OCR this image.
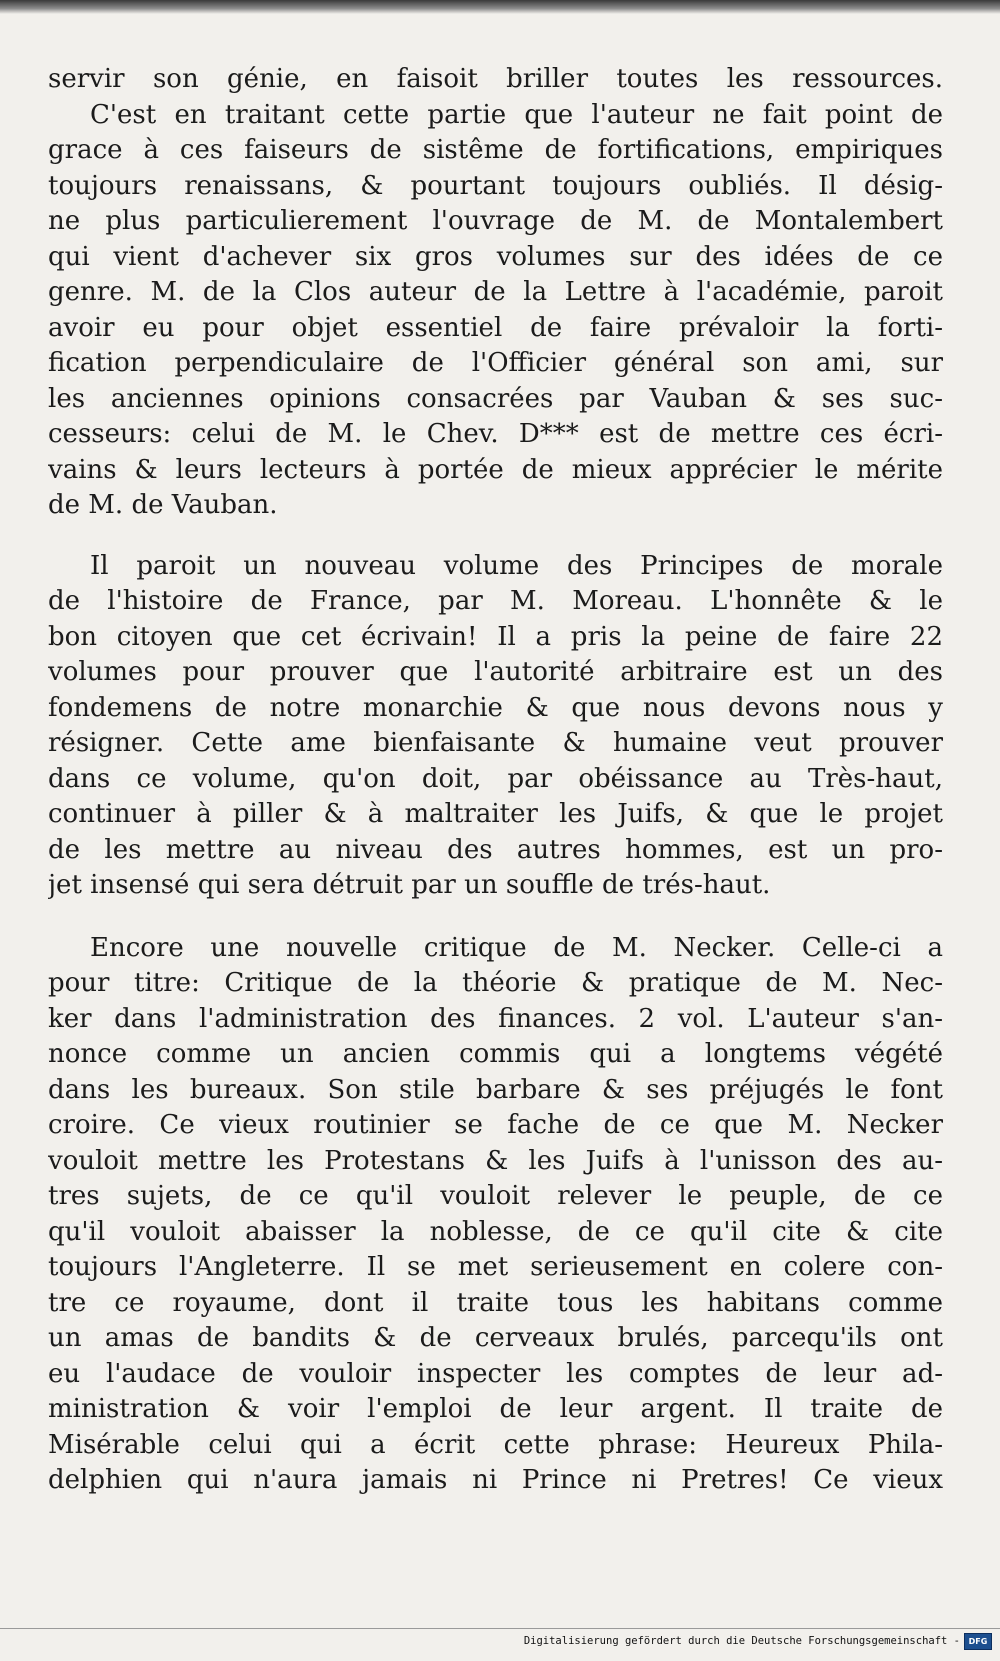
servir son génie, en faisoit briller toutes les ressources.
C'est en traitant cette partie que l'auteur ne fait point de
grace à ces faiseurs de sistême de fortifications, empiriques
toujours renaissans, & pourtant toujours oubliés. Il désig-
ne plus particulierement l'ouvrage de M. de Montalembert
qui vient d'achever six gros volumes sur des idées de ce
genre. M. de la Clos auteur de la Lettre à l'académie, paroit
avoir eu pour objet essentiel de faire prévaloir la forti-
fication perpendiculaire de l'Officier général son ami, sur
les anciennes opinions consacrées par Vauban & ses suc-
cesseurs: celui de M. le Chev. D*** est de mettre ces écri-
vains & leurs lecteurs à portée de mieux apprécier le mérite
de M. de Vauban.
Il paroit un nouveau volume des Principes de morale
de l'histoire de France, par M. Moreau. L'honnête & le
bon citoyen que cet écrivain! Il a pris la peine de faire 22
volumes pour prouver que l'autorité arbitraire est un des
fondemens de notre monarchie & que nous devons nous y
résigner. Cette ame bienfaisante & humaine veut prouver
dans ce volume, qu'on doit, par obéissance au Très-haut,
continuer à piller & à maltraiter les Juifs, & que le projet
de les mettre au niveau des autres hommes, est un pro-
jet insensé qui sera détruit par un souffle de trés-haut.
Encore une nouvelle critique de M. Necker. Celle-ci a
pour titre: Critique de la théorie & pratique de M. Nec-
ker dans l'administration des finances. 2 vol. L'auteur s'an-
nonce comme un ancien commis qui a longtems végété
dans les bureaux. Son stile barbare & ses préjugés le font
croire. Ce vieux routinier se fache de ce que M. Necker
vouloit mettre les Protestans & les Juifs à l'unisson des au-
tres sujets, de ce qu'il vouloit relever le peuple, de ce
qu'il vouloit abaisser la noblesse, de ce qu'il cite & cite
toujours l'Angleterre. Il se met serieusement en colere con-
tre ce royaume, dont il traite tous les habitans comme
un amas de bandits & de cerveaux brulés, parcequ'ils ont
eu l'audace de vouloir inspecter les comptes de leur ad-
ministration & voir l'emploi de leur argent. Il traite de
Misérable celui qui a écrit cette phrase: Heureux Phila-
delphien qui n'aura jamais ni Prince ni Pretres! Ce vieux
Digitalisierung gefördert durch die Deutsche Forschungsgemeinschaft -	DFG
